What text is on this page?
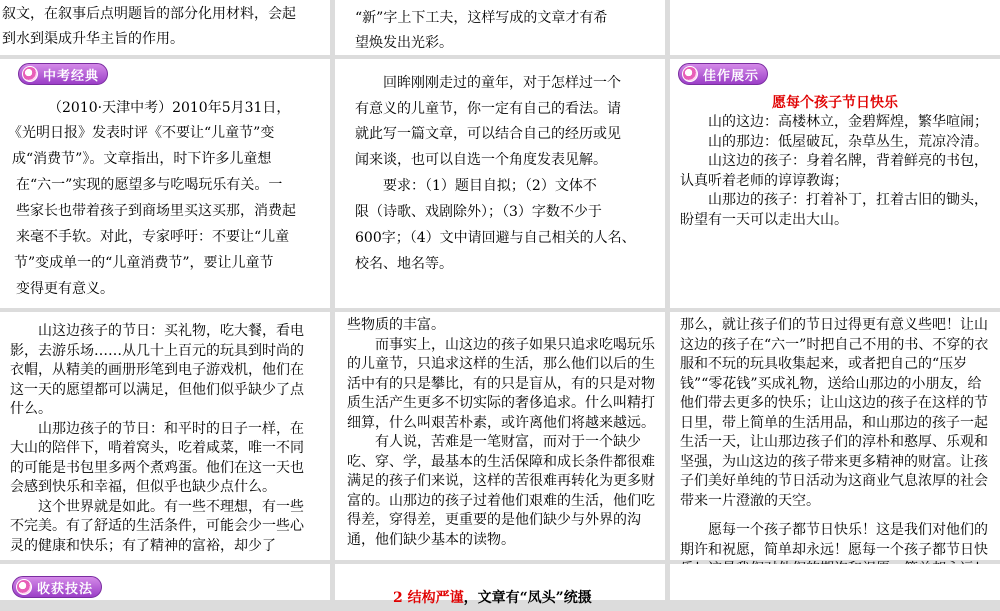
叙文，在叙事后点明题旨的部分化用材料，会起

到水到渠成升华主旨的作用。

“新”字上下工夫，这样写成的文章才有希

望焕发出光彩。

中考经典

（2010·天津中考）2010年5月31日，

《光明日报》发表时评《不要让“儿童节”变

成“消费节”》。文章指出，时下许多儿童想

在“六一”实现的愿望多与吃喝玩乐有关。一

些家长也带着孩子到商场里买这买那，消费起

来毫不手软。对此，专家呼吁：不要让“儿童

节”变成单一的“儿童消费节”，要让儿童节

变得更有意义。

回眸刚刚走过的童年，对于怎样过一个

有意义的儿童节，你一定有自己的看法。请

就此写一篇文章，可以结合自己的经历或见

闻来谈，也可以自选一个角度发表见解。

要求：（1）题目自拟；（2）文体不

限（诗歌、戏剧除外）；（3）字数不少于

600字；（4）文中请回避与自己相关的人名、

校名、地名等。

佳作展示

愿每个孩子节日快乐

山的这边：高楼林立，金碧辉煌，繁华喧闹；

山的那边：低屋破瓦，杂草丛生，荒凉冷清。

山这边的孩子：身着名牌，背着鲜亮的书包，认真听着老师的谆谆教诲；

山那边的孩子：打着补丁，扛着古旧的锄头，盼望有一天可以走出大山。

山这边孩子的节日：买礼物，吃大餐，看电影，去游乐场……从几十上百元的玩具到时尚的衣帽，从精美的画册形笔到电子游戏机，他们在这一天的愿望都可以满足，但他们似乎缺少了点什么。

山那边孩子的节日：和平时的日子一样，在大山的陪伴下，啃着窝头，吃着咸菜，唯一不同的可能是书包里多两个煮鸡蛋。他们在这一天也会感到快乐和幸福，但似乎也缺少点什么。

这个世界就是如此。有一些不理想，有一些不完美。有了舒适的生活条件，可能会少一些心灵的健康和快乐；有了精神的富裕，却少了

些物质的丰富。

而事实上，山这边的孩子如果只追求吃喝玩乐的儿童节，只追求这样的生活，那么他们以后的生活中有的只是攀比，有的只是盲从，有的只是对物质生活产生更多不切实际的奢侈追求。什么叫精打细算，什么叫艰苦朴素，或许离他们将越来越远。

有人说，苦难是一笔财富，而对于一个缺少吃、穿、学，最基本的生活保障和成长条件都很难满足的孩子们来说，这样的苦很难再转化为更多财富的。山那边的孩子过着他们艰难的生活，他们吃得差，穿得差，更重要的是他们缺少与外界的沟通，他们缺少基本的读物。

那么，就让孩子们的节日过得更有意义些吧！让山这边的孩子在“六一”时把自己不用的书、不穿的衣服和不玩的玩具收集起来，或者把自己的“压岁钱”“零花钱”买成礼物，送给山那边的小朋友，给他们带去更多的快乐；让山这边的孩子在这样的节日里，带上简单的生活用品，和山那边的孩子一起生活一天，让山那边孩子们的淳朴和憨厚、乐观和坚强，为山这边的孩子带来更多精神的财富。让孩子们美好单纯的节日活动为这商业气息浓厚的社会带来一片澄澈的天空。

愿每一个孩子都节日快乐！这是我们对他们的期许和祝愿，简单却永远！愿每一个孩子都节日快

收获技法

2 结构严谨，文章有“凤头”统摄
